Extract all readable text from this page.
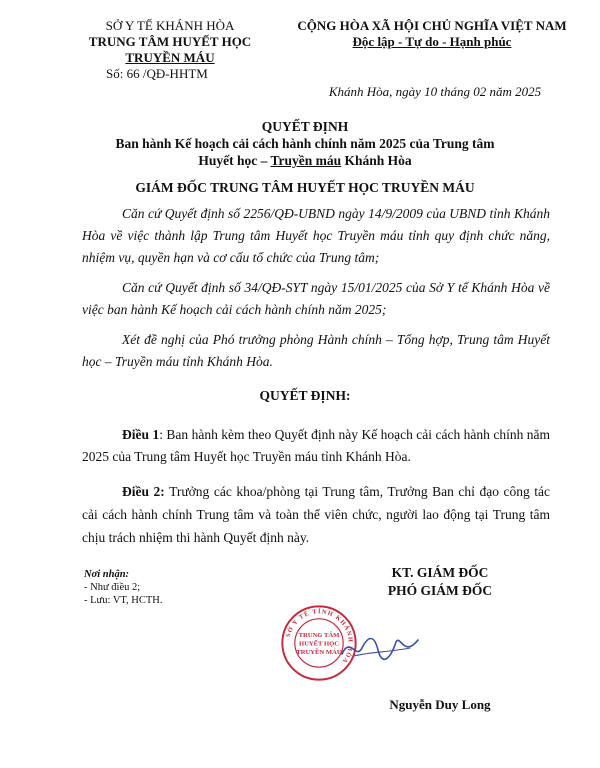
SỞ Y TẾ KHÁNH HÒA
TRUNG TÂM HUYẾT HỌC
TRUYỀN MÁU
Số: 66 /QĐ-HHTM
CỘNG HÒA XÃ HỘI CHỦ NGHĨA VIỆT NAM
Độc lập - Tự do - Hạnh phúc
Khánh Hòa, ngày 10 tháng 02 năm 2025
QUYẾT ĐỊNH
Ban hành Kế hoạch cải cách hành chính năm 2025 của Trung tâm
Huyết học – Truyền máu Khánh Hòa
GIÁM ĐỐC TRUNG TÂM HUYẾT HỌC TRUYỀN MÁU
Căn cứ Quyết định số 2256/QĐ-UBND ngày 14/9/2009 của UBND tỉnh Khánh Hòa về việc thành lập Trung tâm Huyết học Truyền máu tỉnh quy định chức năng, nhiệm vụ, quyền hạn và cơ cấu tổ chức của Trung tâm;
Căn cứ Quyết định số 34/QĐ-SYT ngày 15/01/2025 của Sở Y tế Khánh Hòa về việc ban hành Kế hoạch cải cách hành chính năm 2025;
Xét đề nghị của Phó trưởng phòng Hành chính – Tổng hợp, Trung tâm Huyết học – Truyền máu tỉnh Khánh Hòa.
QUYẾT ĐỊNH:
Điều 1: Ban hành kèm theo Quyết định này Kế hoạch cải cách hành chính năm 2025 của Trung tâm Huyết học Truyền máu tỉnh Khánh Hòa.
Điều 2: Trưởng các khoa/phòng tại Trung tâm, Trưởng Ban chỉ đạo công tác cải cách hành chính Trung tâm và toàn thể viên chức, người lao động tại Trung tâm chịu trách nhiệm thi hành Quyết định này.
Nơi nhận:
- Như điều 2;
- Lưu: VT, HCTH.
KT. GIÁM ĐỐC
PHÓ GIÁM ĐỐC
SỞ Y TẾ TỈNH KHÁNH HÒA
TRUNG TÂM
HUYẾT HỌC
TRUYỀN MÁU
Nguyễn Duy Long
